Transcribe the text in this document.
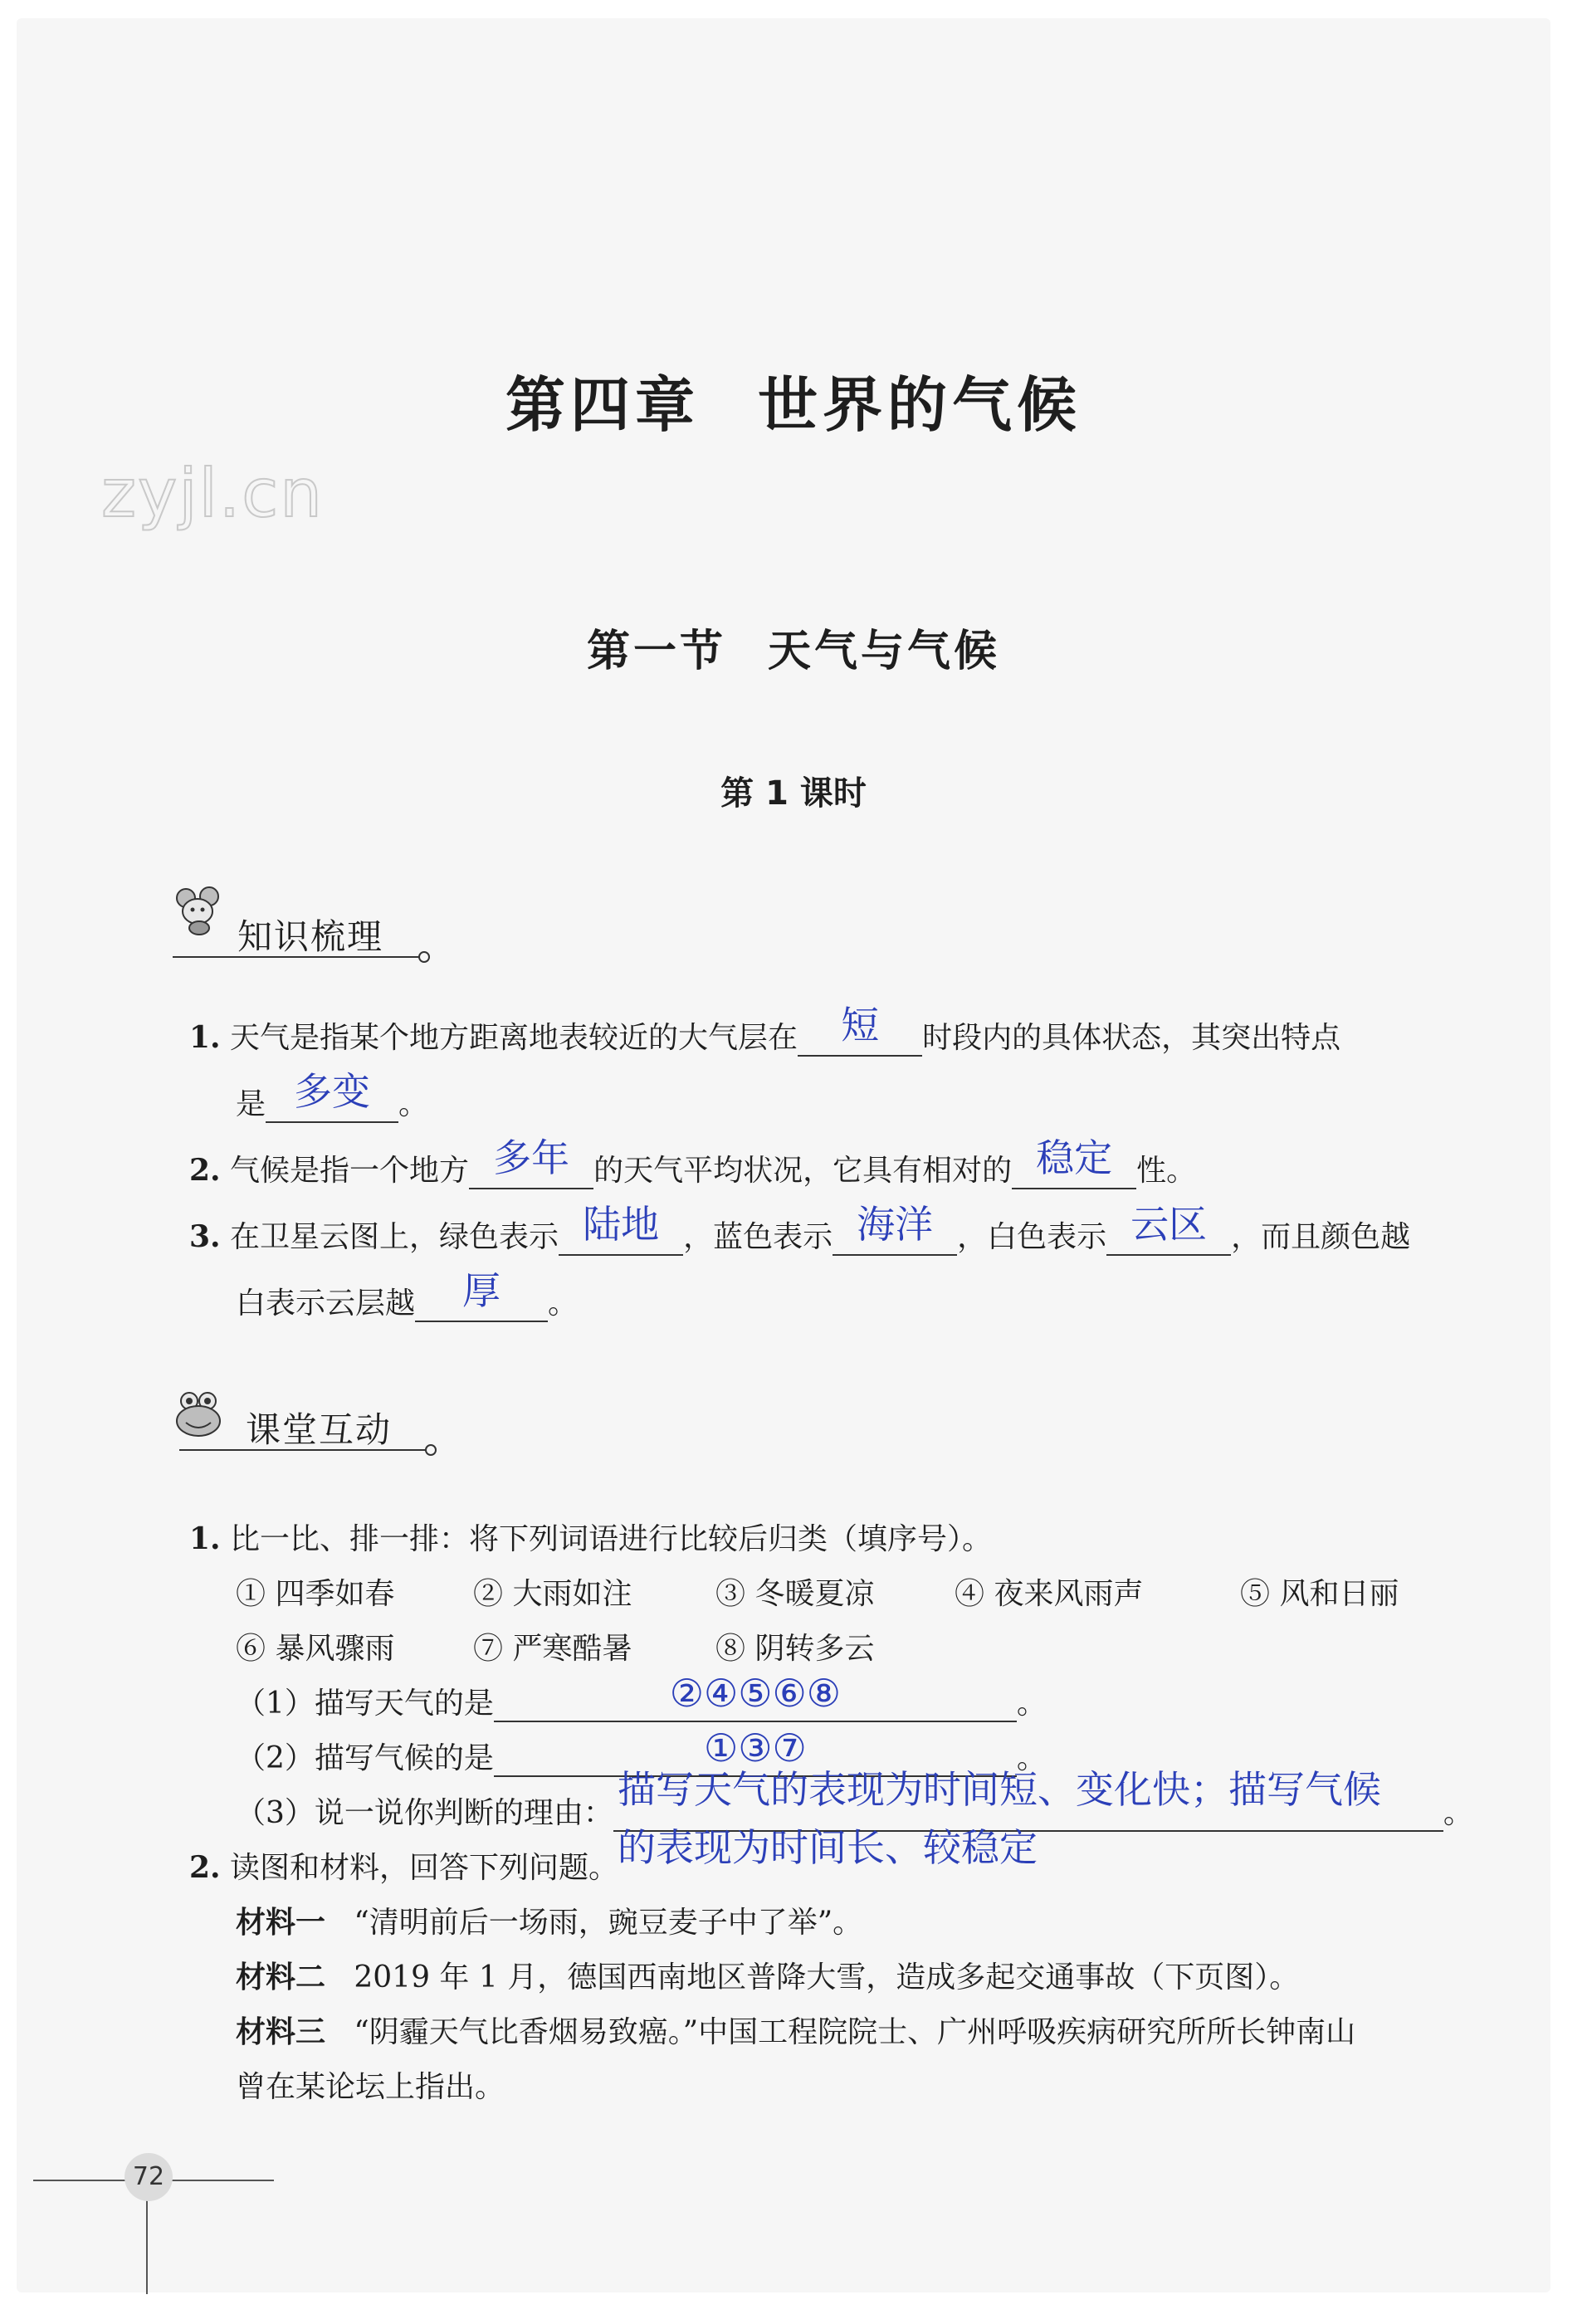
zyjl.cn
第四章 世界的气候
第一节 天气与气候
第 1 课时
知识梳理
1. 天气是指某个地方距离地表较近的大气层在	短	时段内的具体状态，其突出特点
是 多变 。
2. 气候是指一个地方 多年 的天气平均状况，它具有相对的 稳定 性。
3. 在卫星云图上，绿色表示 陆地 ，蓝色表示 海洋 ，白色表示 云区 ，而且颜色越
白表示云层越	厚	。
课堂互动
1. 比一比、排一排：将下列词语进行比较后归类（填序号）。
① 四季如春	② 大雨如注	③ 冬暖夏凉	④ 夜来风雨声	⑤ 风和日丽
⑥ 暴风骤雨	⑦ 严寒酷暑	⑧ 阴转多云
（1）描写天气的是	②④⑤⑥⑧	。
（2）描写气候的是	①③⑦	。
（3）说一说你判断的理由：	。
描写天气的表现为时间短、变化快；描写气候
2. 读图和材料，回答下列问题。
的表现为时间长、较稳定
材料一 “清明前后一场雨，豌豆麦子中了举”。
材料二 2019 年 1 月，德国西南地区普降大雪，造成多起交通事故（下页图）。
材料三 “阴霾天气比香烟易致癌。”中国工程院院士、广州呼吸疾病研究所所长钟南山
曾在某论坛上指出。
72
